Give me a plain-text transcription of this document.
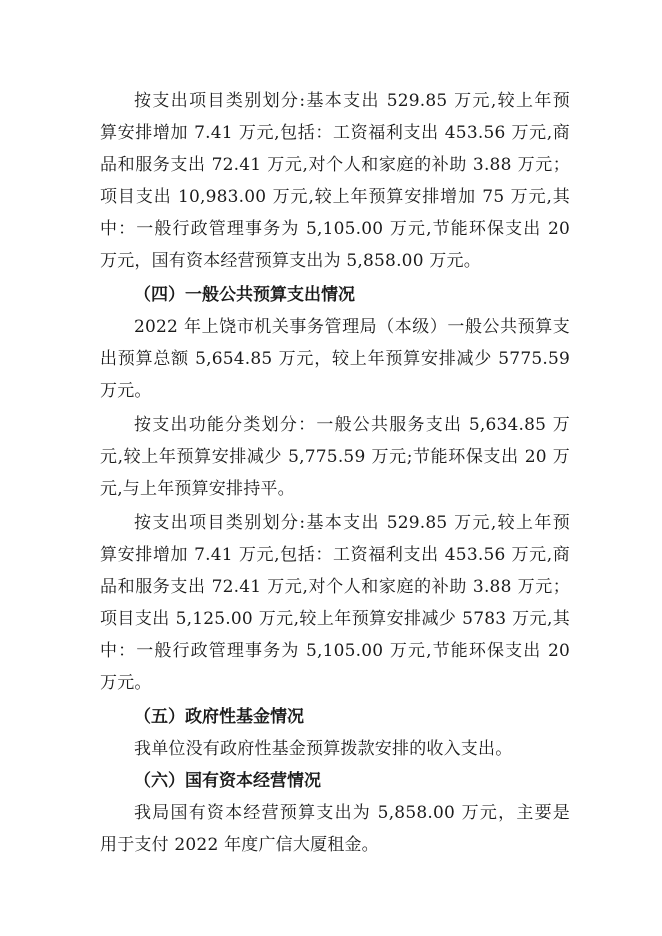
按支出项目类别划分:基本支出 529.85 万元,较上年预
算安排增加 7.41 万元,包括：工资福利支出 453.56 万元,商
品和服务支出 72.41 万元,对个人和家庭的补助 3.88 万元；
项目支出 10,983.00 万元,较上年预算安排增加 75 万元,其
中：一般行政管理事务为 5,105.00 万元,节能环保支出 20
万元，国有资本经营预算支出为 5,858.00 万元。
（四）一般公共预算支出情况
2022 年上饶市机关事务管理局（本级）一般公共预算支
出预算总额 5,654.85 万元，较上年预算安排减少 5775.59
万元。
按支出功能分类划分：一般公共服务支出 5,634.85 万
元,较上年预算安排减少 5,775.59 万元;节能环保支出 20 万
元,与上年预算安排持平。
按支出项目类别划分:基本支出 529.85 万元,较上年预
算安排增加 7.41 万元,包括：工资福利支出 453.56 万元,商
品和服务支出 72.41 万元,对个人和家庭的补助 3.88 万元；
项目支出 5,125.00 万元,较上年预算安排减少 5783 万元,其
中：一般行政管理事务为 5,105.00 万元,节能环保支出 20
万元。
（五）政府性基金情况
我单位没有政府性基金预算拨款安排的收入支出。
（六）国有资本经营情况
我局国有资本经营预算支出为 5,858.00 万元，主要是
用于支付 2022 年度广信大厦租金。
